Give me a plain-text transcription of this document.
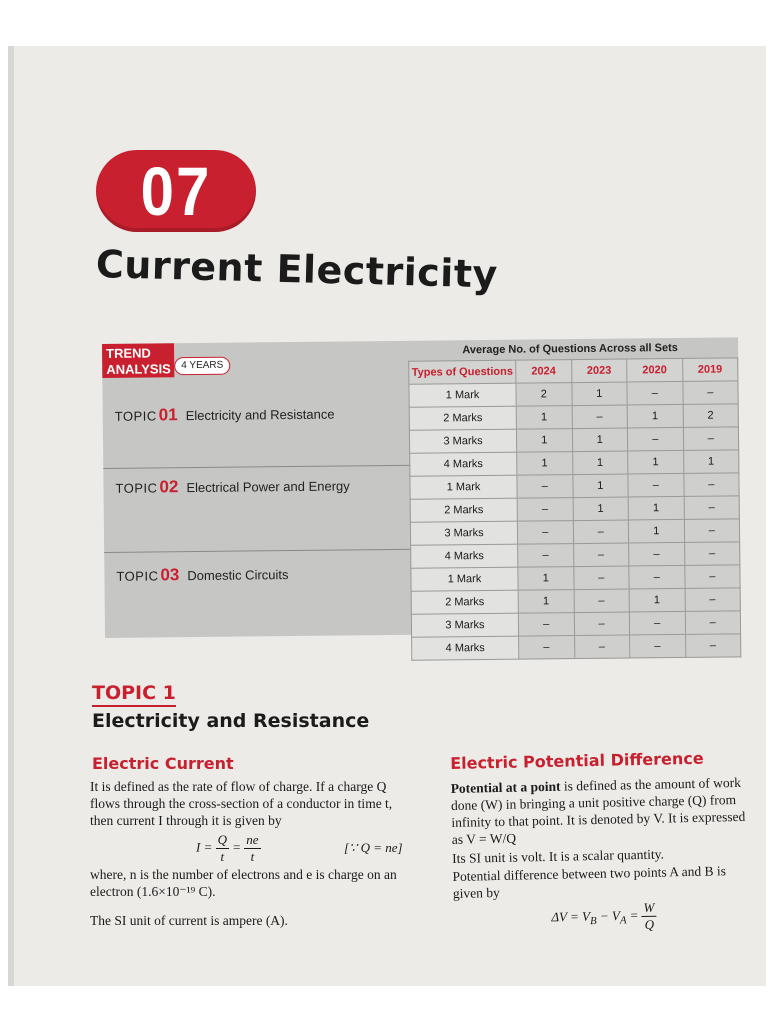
07
Current Electricity
TREND
ANALYSIS	4 YEARS
Average No. of Questions Across all Sets
TOPIC 01 Electricity and Resistance
TOPIC 02 Electrical Power and Energy
TOPIC 03 Domestic Circuits
Types of Questions	2024	2023	2020	2019
1 Mark	2	1	–	–
2 Marks	1	–	1	2
3 Marks	1	1	–	–
4 Marks	1	1	1	1
1 Mark	–	1	–	–
2 Marks	–	1	1	–
3 Marks	–	–	1	–
4 Marks	–	–	–	–
1 Mark	1	–	–	–
2 Marks	1	–	1	–
3 Marks	–	–	–	–
4 Marks	–	–	–	–
TOPIC 1
Electricity and Resistance
Electric Current
It is defined as the rate of flow of charge. If a charge Q flows through the cross-section of a conductor in time t, then current I through it is given by
$I = \frac{Q}{t} = \frac{ne}{t}$	[∵ Q = ne]
where, n is the number of electrons and e is charge on an electron (1.6×10⁻¹⁹ C).
The SI unit of current is ampere (A).
Electric Potential Difference
Potential at a point is defined as the amount of work done (W) in bringing a unit positive charge (Q) from infinity to that point. It is denoted by V. It is expressed as V = W/Q
Its SI unit is volt. It is a scalar quantity.
Potential difference between two points A and B is given by
$\Delta V = V_B - V_A = \frac{W}{Q}$
